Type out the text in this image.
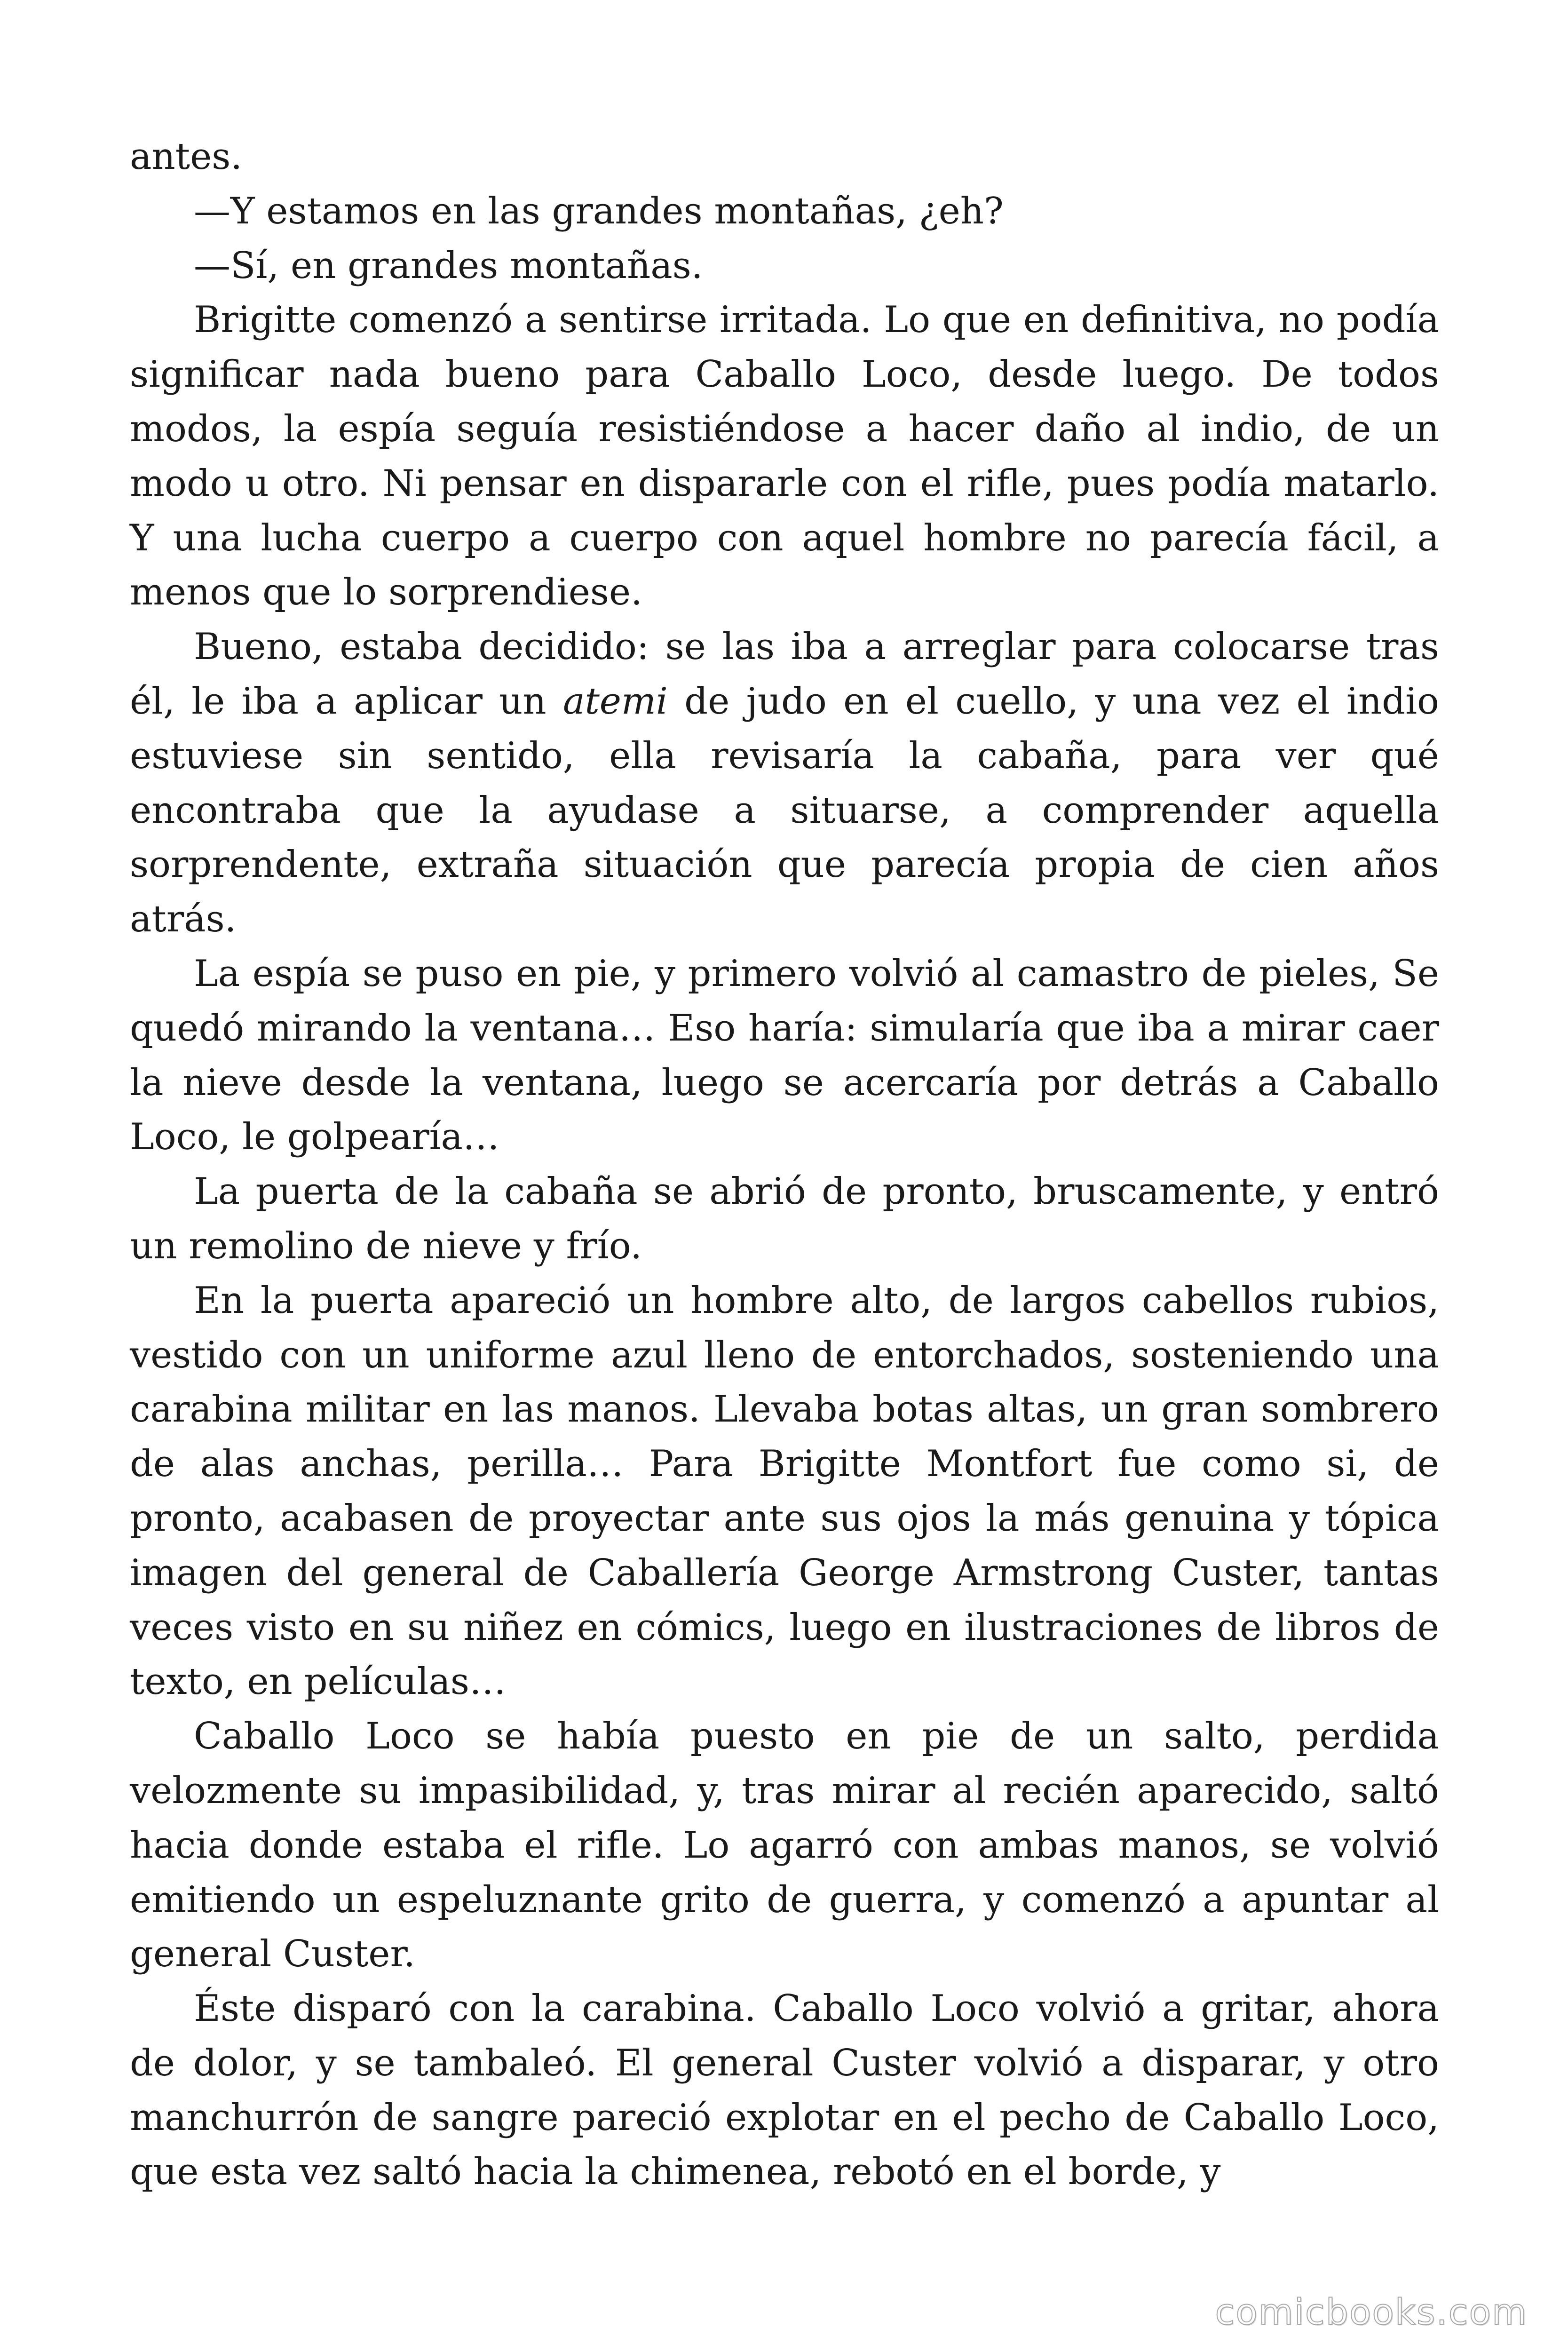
antes.

—Y estamos en las grandes montañas, ¿eh?

—Sí, en grandes montañas.

Brigitte comenzó a sentirse irritada. Lo que en definitiva, no podía significar nada bueno para Caballo Loco, desde luego. De todos modos, la espía seguía resistiéndose a hacer daño al indio, de un modo u otro. Ni pensar en dispararle con el rifle, pues podía matarlo. Y una lucha cuerpo a cuerpo con aquel hombre no parecía fácil, a menos que lo sorprendiese.

Bueno, estaba decidido: se las iba a arreglar para colocarse tras él, le iba a aplicar un atemi de judo en el cuello, y una vez el indio estuviese sin sentido, ella revisaría la cabaña, para ver qué encontraba que la ayudase a situarse, a comprender aquella sorprendente, extraña situación que parecía propia de cien años atrás.

La espía se puso en pie, y primero volvió al camastro de pieles, Se quedó mirando la ventana… Eso haría: simularía que iba a mirar caer la nieve desde la ventana, luego se acercaría por detrás a Caballo Loco, le golpearía…

La puerta de la cabaña se abrió de pronto, bruscamente, y entró un remolino de nieve y frío.

En la puerta apareció un hombre alto, de largos cabellos rubios, vestido con un uniforme azul lleno de entorchados, sosteniendo una carabina militar en las manos. Llevaba botas altas, un gran sombrero de alas anchas, perilla… Para Brigitte Montfort fue como si, de pronto, acabasen de proyectar ante sus ojos la más genuina y tópica imagen del general de Caballería George Armstrong Custer, tantas veces visto en su niñez en cómics, luego en ilustraciones de libros de texto, en películas…

Caballo Loco se había puesto en pie de un salto, perdida velozmente su impasibilidad, y, tras mirar al recién aparecido, saltó hacia donde estaba el rifle. Lo agarró con ambas manos, se volvió emitiendo un espeluznante grito de guerra, y comenzó a apuntar al general Custer.

Éste disparó con la carabina. Caballo Loco volvió a gritar, ahora de dolor, y se tambaleó. El general Custer volvió a disparar, y otro manchurrón de sangre pareció explotar en el pecho de Caballo Loco, que esta vez saltó hacia la chimenea, rebotó en el borde, y

comicbooks.com
